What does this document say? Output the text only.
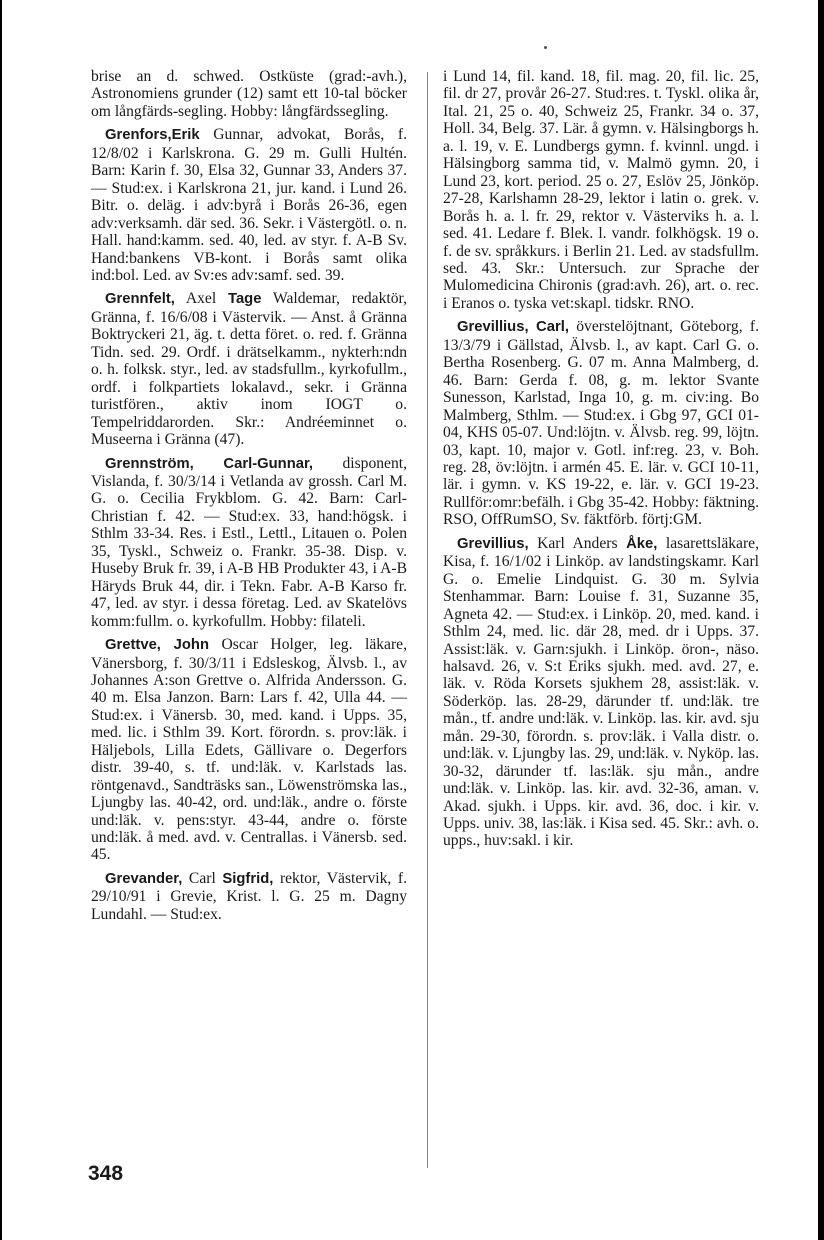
brise an d. schwed. Ostküste (grad:-avh.), Astronomiens grunder (12) samt ett 10-tal böcker om långfärds-segling. Hobby: långfärdssegling.

Grenfors,Erik Gunnar, advokat, Borås, f. 12/8/02 i Karlskrona. G. 29 m. Gulli Hultén. Barn: Karin f. 30, Elsa 32, Gunnar 33, Anders 37. — Stud:ex. i Karlskrona 21, jur. kand. i Lund 26. Bitr. o. deläg. i adv:byrå i Borås 26-36, egen adv:verksamh. där sed. 36. Sekr. i Västergötl. o. n. Hall. hand:kamm. sed. 40, led. av styr. f. A-B Sv. Hand:bankens VB-kont. i Borås samt olika ind:bol. Led. av Sv:es adv:samf. sed. 39.

Grennfelt, Axel Tage Waldemar, redaktör, Gränna, f. 16/6/08 i Västervik. — Anst. å Gränna Boktryckeri 21, äg. t. detta föret. o. red. f. Gränna Tidn. sed. 29. Ordf. i drätselkamm., nykterh:ndn o. h. folksk. styr., led. av stadsfullm., kyrkofullm., ordf. i folkpartiets lokalavd., sekr. i Gränna turistfören., aktiv inom IOGT o. Tempelriddarorden. Skr.: Andréeminnet o. Museerna i Gränna (47).

Grennström, Carl-Gunnar, disponent, Vislanda, f. 30/3/14 i Vetlanda av grossh. Carl M. G. o. Cecilia Frykblom. G. 42. Barn: Carl-Christian f. 42. — Stud:ex. 33, hand:högsk. i Sthlm 33-34. Res. i Estl., Lettl., Litauen o. Polen 35, Tyskl., Schweiz o. Frankr. 35-38. Disp. v. Huseby Bruk fr. 39, i A-B HB Produkter 43, i A-B Häryds Bruk 44, dir. i Tekn. Fabr. A-B Karso fr. 47, led. av styr. i dessa företag. Led. av Skatelövs komm:fullm. o. kyrkofullm. Hobby: filateli.

Grettve, John Oscar Holger, leg. läkare, Vänersborg, f. 30/3/11 i Edsleskog, Älvsb. l., av Johannes A:son Grettve o. Alfrida Andersson. G. 40 m. Elsa Janzon. Barn: Lars f. 42, Ulla 44. — Stud:ex. i Vänersb. 30, med. kand. i Upps. 35, med. lic. i Sthlm 39. Kort. förordn. s. prov:läk. i Häljebols, Lilla Edets, Gällivare o. Degerfors distr. 39-40, s. tf. und:läk. v. Karlstads las. röntgenavd., Sandträsks san., Löwenströmska las., Ljungby las. 40-42, ord. und:läk., andre o. förste und:läk. v. pens:styr. 43-44, andre o. förste und:läk. å med. avd. v. Centrallas. i Vänersb. sed. 45.

Grevander, Carl Sigfrid, rektor, Västervik, f. 29/10/91 i Grevie, Krist. l. G. 25 m. Dagny Lundahl. — Stud:ex.

i Lund 14, fil. kand. 18, fil. mag. 20, fil. lic. 25, fil. dr 27, provår 26-27. Stud:res. t. Tyskl. olika år, Ital. 21, 25 o. 40, Schweiz 25, Frankr. 34 o. 37, Holl. 34, Belg. 37. Lär. å gymn. v. Hälsingborgs h. a. l. 19, v. E. Lundbergs gymn. f. kvinnl. ungd. i Hälsingborg samma tid, v. Malmö gymn. 20, i Lund 23, kort. period. 25 o. 27, Eslöv 25, Jönköp. 27-28, Karlshamn 28-29, lektor i latin o. grek. v. Borås h. a. l. fr. 29, rektor v. Västerviks h. a. l. sed. 41. Ledare f. Blek. l. vandr. folkhögsk. 19 o. f. de sv. språkkurs. i Berlin 21. Led. av stadsfullm. sed. 43. Skr.: Untersuch. zur Sprache der Mulomedicina Chironis (grad:avh. 26), art. o. rec. i Eranos o. tyska vet:skapl. tidskr. RNO.

Grevillius, Carl, överstelöjtnant, Göteborg, f. 13/3/79 i Gällstad, Älvsb. l., av kapt. Carl G. o. Bertha Rosenberg. G. 07 m. Anna Malmberg, d. 46. Barn: Gerda f. 08, g. m. lektor Svante Sunesson, Karlstad, Inga 10, g. m. civ:ing. Bo Malmberg, Sthlm. — Stud:ex. i Gbg 97, GCI 01-04, KHS 05-07. Und:löjtn. v. Älvsb. reg. 99, löjtn. 03, kapt. 10, major v. Gotl. inf:reg. 23, v. Boh. reg. 28, öv:löjtn. i armén 45. E. lär. v. GCI 10-11, lär. i gymn. v. KS 19-22, e. lär. v. GCI 19-23. Rullför:omr:befälh. i Gbg 35-42. Hobby: fäktning. RSO, OffRumSO, Sv. fäktförb. förtj:GM.

Grevillius, Karl Anders Åke, lasarettsläkare, Kisa, f. 16/1/02 i Linköp. av landstingskamr. Karl G. o. Emelie Lindquist. G. 30 m. Sylvia Stenhammar. Barn: Louise f. 31, Suzanne 35, Agneta 42. — Stud:ex. i Linköp. 20, med. kand. i Sthlm 24, med. lic. där 28, med. dr i Upps. 37. Assist:läk. v. Garn:sjukh. i Linköp. öron-, näso. halsavd. 26, v. S:t Eriks sjukh. med. avd. 27, e. läk. v. Röda Korsets sjukhem 28, assist:läk. v. Söderköp. las. 28-29, därunder tf. und:läk. tre mån., tf. andre und:läk. v. Linköp. las. kir. avd. sju mån. 29-30, förordn. s. prov:läk. i Valla distr. o. und:läk. v. Ljungby las. 29, und:läk. v. Nyköp. las. 30-32, därunder tf. las:läk. sju mån., andre und:läk. v. Linköp. las. kir. avd. 32-36, aman. v. Akad. sjukh. i Upps. kir. avd. 36, doc. i kir. v. Upps. univ. 38, las:läk. i Kisa sed. 45. Skr.: avh. o. upps., huv:sakl. i kir.

348
